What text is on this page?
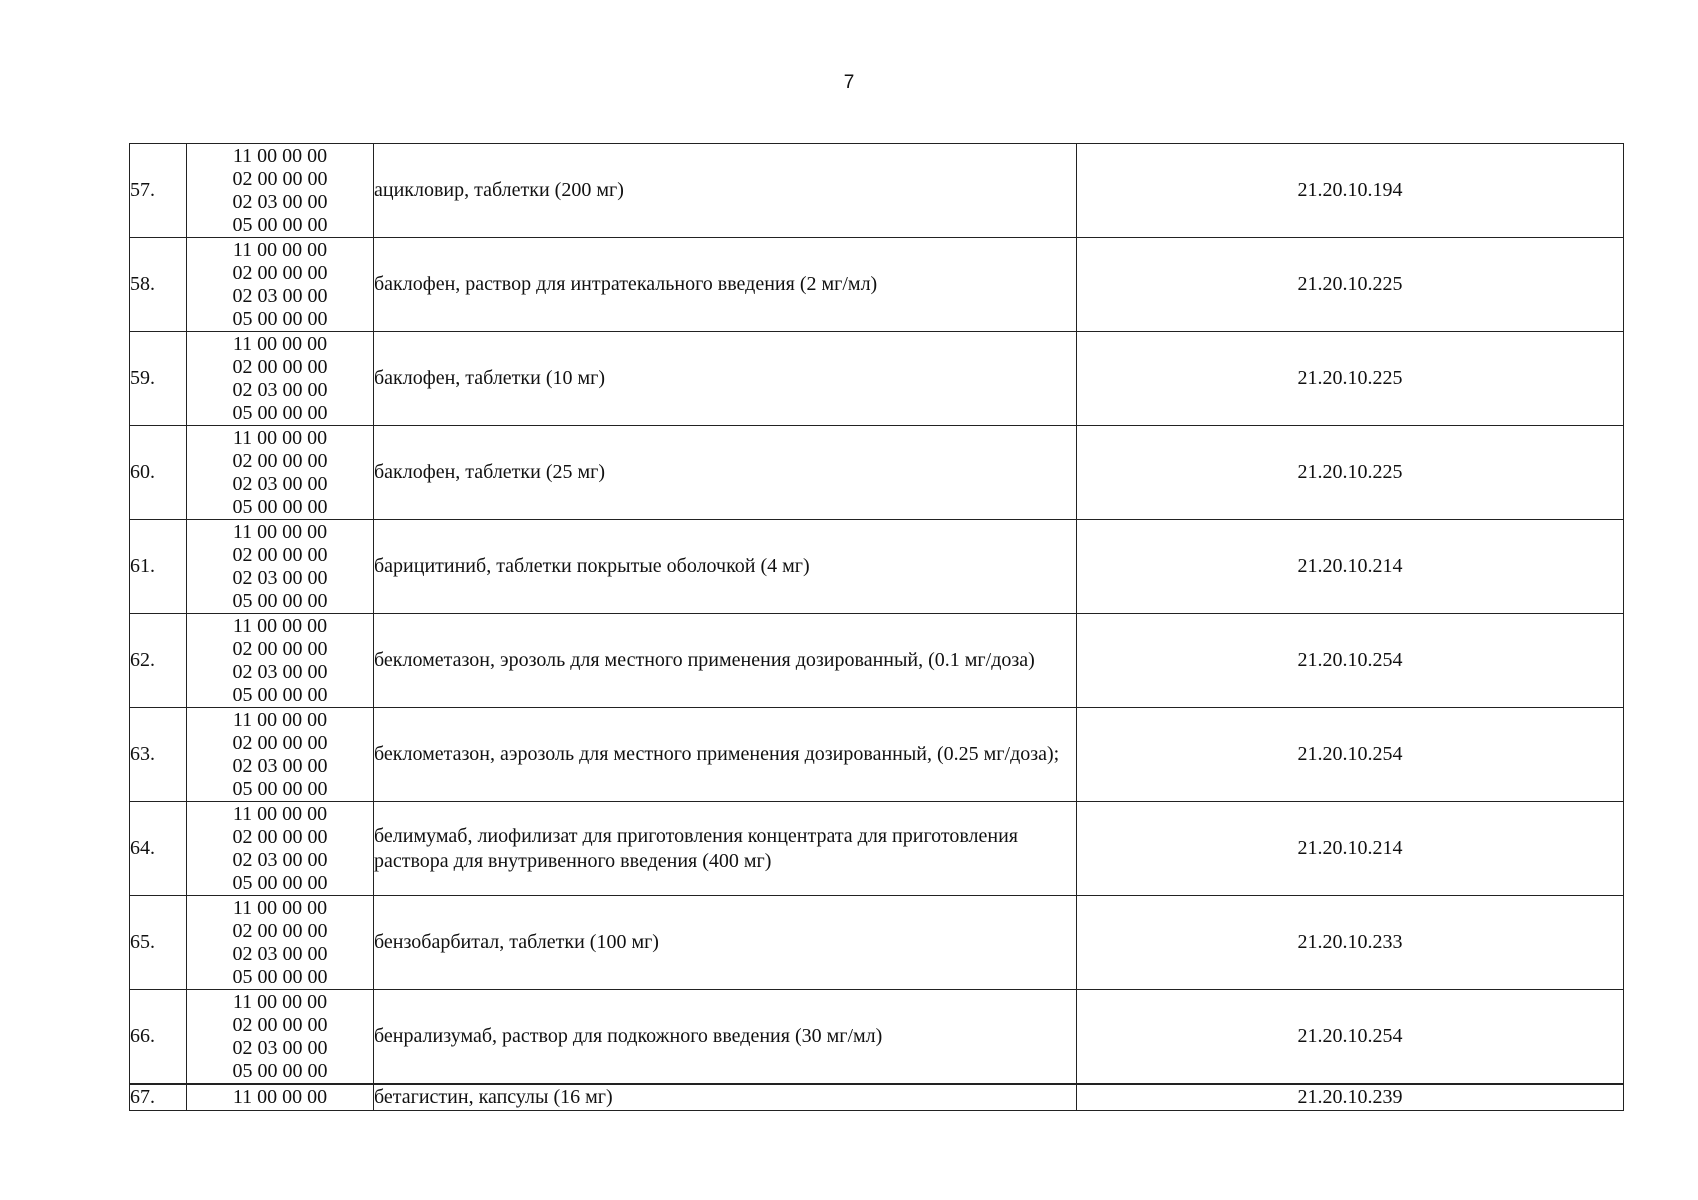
7
57.	11 00 00 00
02 00 00 00
02 03 00 00
05 00 00 00	ацикловир, таблетки (200 мг)	21.20.10.194
58.	11 00 00 00
02 00 00 00
02 03 00 00
05 00 00 00	баклофен, раствор для интратекального введения (2 мг/мл)	21.20.10.225
59.	11 00 00 00
02 00 00 00
02 03 00 00
05 00 00 00	баклофен, таблетки (10 мг)	21.20.10.225
60.	11 00 00 00
02 00 00 00
02 03 00 00
05 00 00 00	баклофен, таблетки (25 мг)	21.20.10.225
61.	11 00 00 00
02 00 00 00
02 03 00 00
05 00 00 00	барицитиниб, таблетки покрытые оболочкой (4 мг)	21.20.10.214
62.	11 00 00 00
02 00 00 00
02 03 00 00
05 00 00 00	беклометазон, эрозоль для местного применения дозированный, (0.1 мг/доза)	21.20.10.254
63.	11 00 00 00
02 00 00 00
02 03 00 00
05 00 00 00	беклометазон, аэрозоль для местного применения дозированный, (0.25 мг/доза);	21.20.10.254
64.	11 00 00 00
02 00 00 00
02 03 00 00
05 00 00 00	белимумаб, лиофилизат для приготовления концентрата для приготовления раствора для внутривенного введения (400 мг)	21.20.10.214
65.	11 00 00 00
02 00 00 00
02 03 00 00
05 00 00 00	бензобарбитал, таблетки (100 мг)	21.20.10.233
66.	11 00 00 00
02 00 00 00
02 03 00 00
05 00 00 00	бенрализумаб, раствор для подкожного введения (30 мг/мл)	21.20.10.254
67.	11 00 00 00	бетагистин, капсулы (16 мг)	21.20.10.239
